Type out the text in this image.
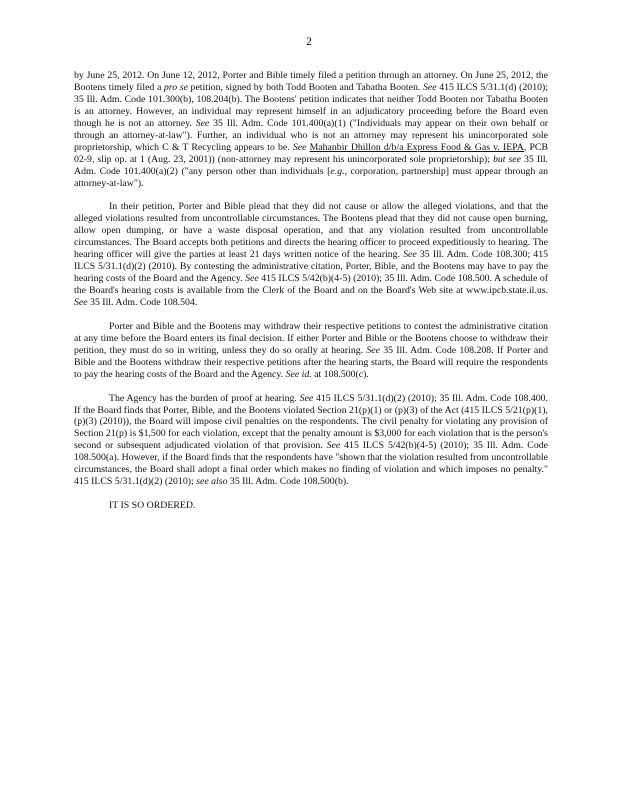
2

by June 25, 2012. On June 12, 2012, Porter and Bible timely filed a petition through an attorney. On June 25, 2012, the Bootens timely filed a pro se petition, signed by both Todd Booten and Tabatha Booten. See 415 ILCS 5/31.1(d) (2010); 35 Ill. Adm. Code 101.300(b), 108.204(b). The Bootens' petition indicates that neither Todd Booten nor Tabatha Booten is an attorney. However, an individual may represent himself in an adjudicatory proceeding before the Board even though he is not an attorney. See 35 Ill. Adm. Code 101.400(a)(1) ("Individuals may appear on their own behalf or through an attorney-at-law"). Further, an individual who is not an attorney may represent his unincorporated sole proprietorship, which C & T Recycling appears to be. See Mahanbir Dhillon d/b/a Express Food & Gas v. IEPA, PCB 02-9, slip op. at 1 (Aug. 23, 2001)) (non-attorney may represent his unincorporated sole proprietorship); but see 35 Ill. Adm. Code 101.400(a)(2) ("any person other than individuals [e.g., corporation, partnership] must appear through an attorney-at-law").

In their petition, Porter and Bible plead that they did not cause or allow the alleged violations, and that the alleged violations resulted from uncontrollable circumstances. The Bootens plead that they did not cause open burning, allow open dumping, or have a waste disposal operation, and that any violation resulted from uncontrollable circumstances. The Board accepts both petitions and directs the hearing officer to proceed expeditiously to hearing. The hearing officer will give the parties at least 21 days written notice of the hearing. See 35 Ill. Adm. Code 108.300; 415 ILCS 5/31.1(d)(2) (2010). By contesting the administrative citation, Porter, Bible, and the Bootens may have to pay the hearing costs of the Board and the Agency. See 415 ILCS 5/42(b)(4-5) (2010); 35 Ill. Adm. Code 108.500. A schedule of the Board's hearing costs is available from the Clerk of the Board and on the Board's Web site at www.ipcb.state.il.us. See 35 Ill. Adm. Code 108.504.

Porter and Bible and the Bootens may withdraw their respective petitions to contest the administrative citation at any time before the Board enters its final decision. If either Porter and Bible or the Bootens choose to withdraw their petition, they must do so in writing, unless they do so orally at hearing. See 35 Ill. Adm. Code 108.208. If Porter and Bible and the Bootens withdraw their respective petitions after the hearing starts, the Board will require the respondents to pay the hearing costs of the Board and the Agency. See id. at 108.500(c).

The Agency has the burden of proof at hearing. See 415 ILCS 5/31.1(d)(2) (2010); 35 Ill. Adm. Code 108.400. If the Board finds that Porter, Bible, and the Bootens violated Section 21(p)(1) or (p)(3) of the Act (415 ILCS 5/21(p)(1), (p)(3) (2010)), the Board will impose civil penalties on the respondents. The civil penalty for violating any provision of Section 21(p) is $1,500 for each violation, except that the penalty amount is $3,000 for each violation that is the person's second or subsequent adjudicated violation of that provision. See 415 ILCS 5/42(b)(4-5) (2010); 35 Ill. Adm. Code 108.500(a). However, if the Board finds that the respondents have "shown that the violation resulted from uncontrollable circumstances, the Board shall adopt a final order which makes no finding of violation and which imposes no penalty." 415 ILCS 5/31.1(d)(2) (2010); see also 35 Ill. Adm. Code 108.500(b).

IT IS SO ORDERED.
